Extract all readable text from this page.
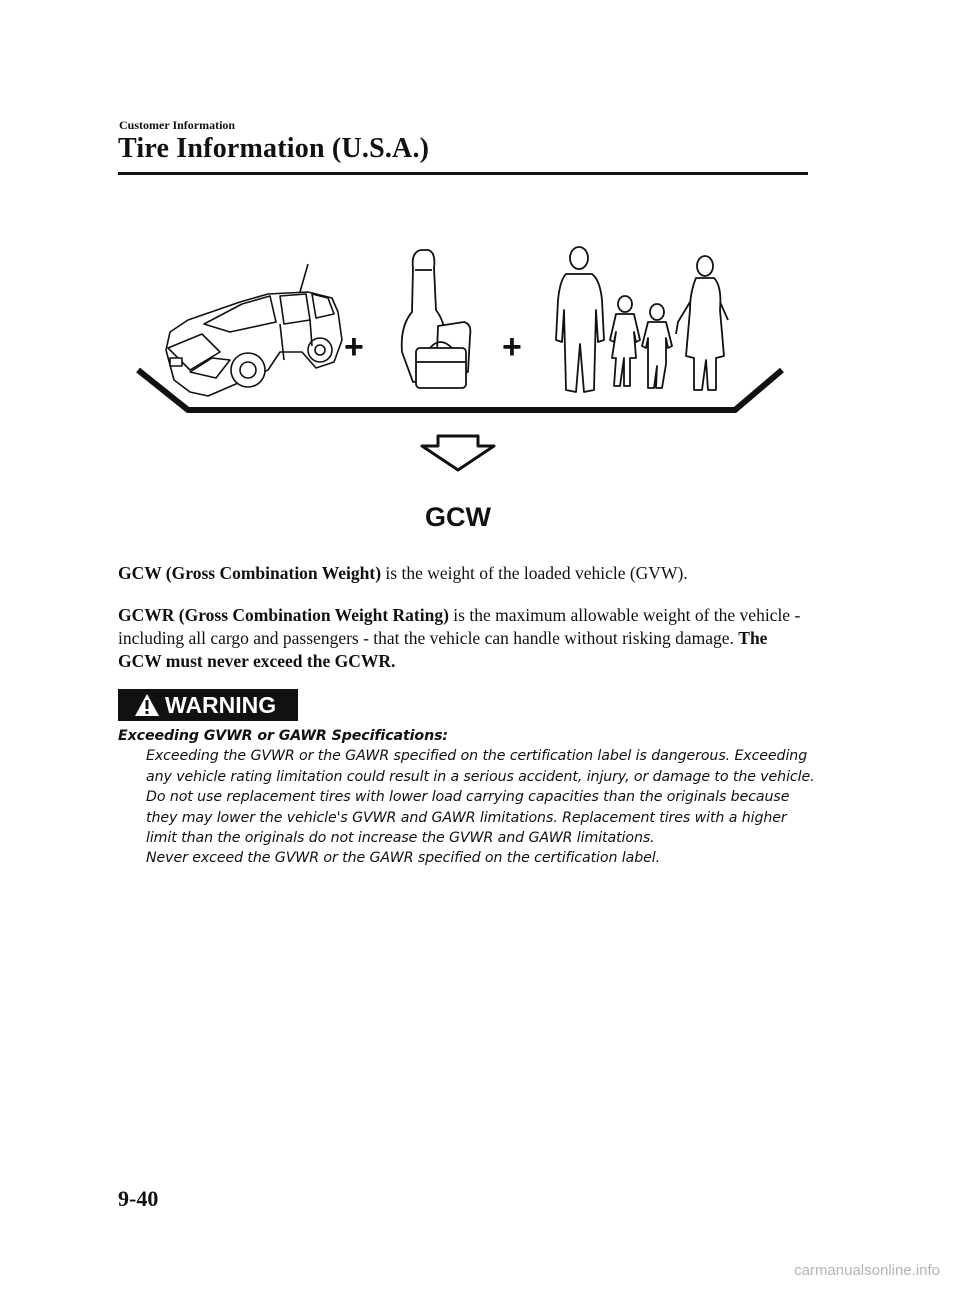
Customer Information
Tire Information (U.S.A.)
+	+
GCW
GCW (Gross Combination Weight) is the weight of the loaded vehicle (GVW).
GCWR (Gross Combination Weight Rating) is the maximum allowable weight of the vehicle - including all cargo and passengers - that the vehicle can handle without risking damage. The GCW must never exceed the GCWR.
WARNING

Exceeding GVWR or GAWR Specifications:

Exceeding the GVWR or the GAWR specified on the certification label is dangerous. Exceeding any vehicle rating limitation could result in a serious accident, injury, or damage to the vehicle.

Do not use replacement tires with lower load carrying capacities than the originals because they may lower the vehicle's GVWR and GAWR limitations. Replacement tires with a higher limit than the originals do not increase the GVWR and GAWR limitations.

Never exceed the GVWR or the GAWR specified on the certification label.

9-40
carmanualsonline.info
